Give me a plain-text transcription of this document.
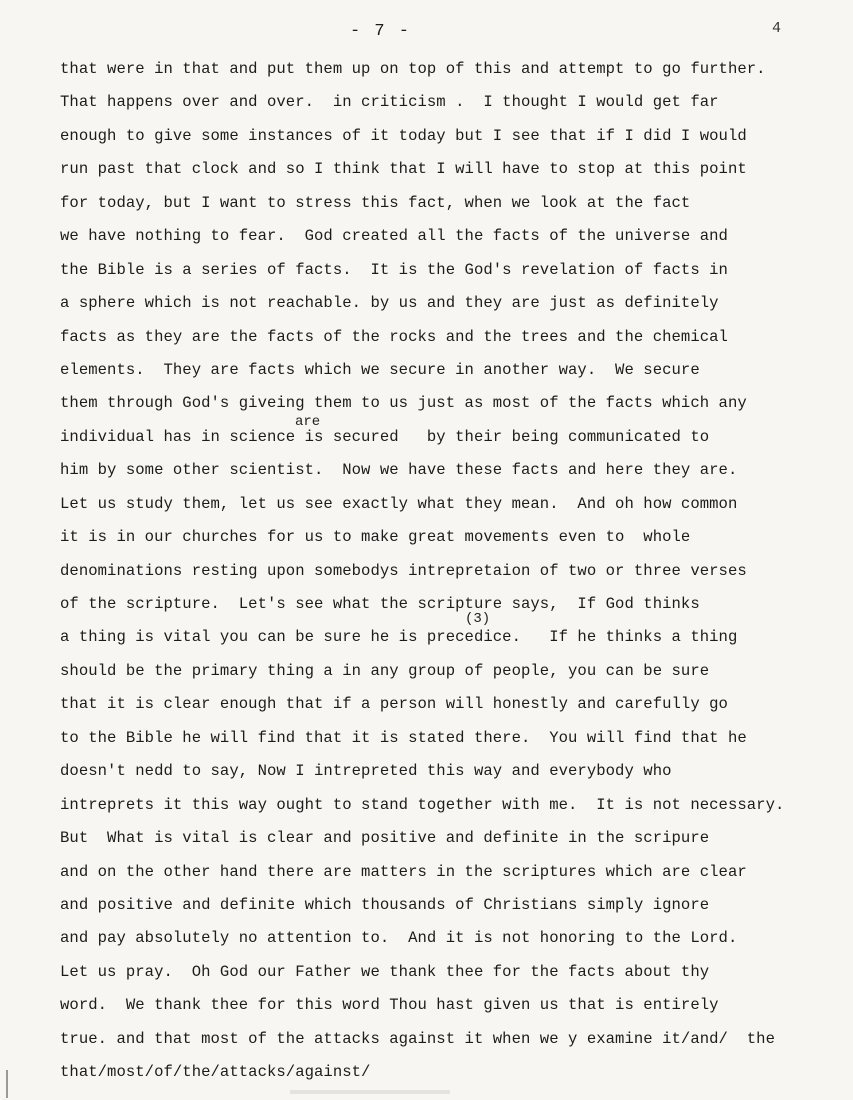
- 7 -	4
are
(3)
that were in that and put them up on top of this and attempt to go further.
That happens over and over.  in criticism .  I thought I would get far
enough to give some instances of it today but I see that if I did I would
run past that clock and so I think that I will have to stop at this point
for today, but I want to stress this fact, when we look at the fact
we have nothing to fear.  God created all the facts of the universe and
the Bible is a series of facts.  It is the God's revelation of facts in
a sphere which is not reachable. by us and they are just as definitely
facts as they are the facts of the rocks and the trees and the chemical
elements.  They are facts which we secure in another way.  We secure
them through God's giveing them to us just as most of the facts which any
individual has in science is secured   by their being communicated to
him by some other scientist.  Now we have these facts and here they are.
Let us study them, let us see exactly what they mean.  And oh how common
it is in our churches for us to make great movements even to  whole
denominations resting upon somebodys intrepretaion of two or three verses
of the scripture.  Let's see what the scripture says,  If God thinks
a thing is vital you can be sure he is precedice.   If he thinks a thing
should be the primary thing a in any group of people, you can be sure
that it is clear enough that if a person will honestly and carefully go
to the Bible he will find that it is stated there.  You will find that he
doesn't nedd to say, Now I intrepreted this way and everybody who
intreprets it this way ought to stand together with me.  It is not necessary.
But  What is vital is clear and positive and definite in the scripure
and on the other hand there are matters in the scriptures which are clear
and positive and definite which thousands of Christians simply ignore
and pay absolutely no attention to.  And it is not honoring to the Lord.
Let us pray.  Oh God our Father we thank thee for the facts about thy
word.  We thank thee for this word Thou hast given us that is entirely
true. and that most of the attacks against it when we y examine it/and/  the
that/most/of/the/attacks/against/
